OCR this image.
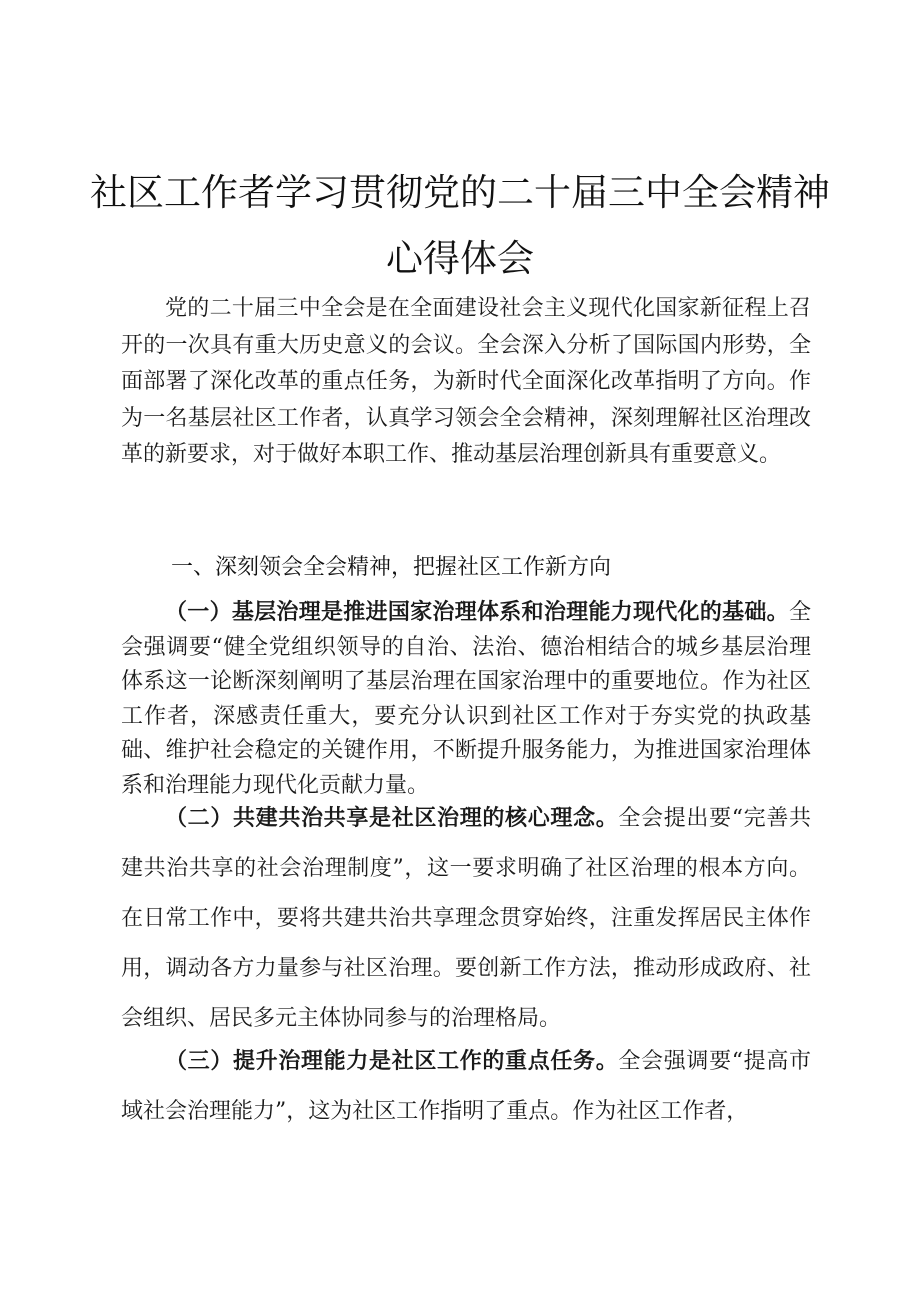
社区工作者学习贯彻党的二十届三中全会精神
心得体会

党的二十届三中全会是在全面建设社会主义现代化国家新征程上召开的一次具有重大历史意义的会议。全会深入分析了国际国内形势，全面部署了深化改革的重点任务，为新时代全面深化改革指明了方向。作为一名基层社区工作者，认真学习领会全会精神，深刻理解社区治理改革的新要求，对于做好本职工作、推动基层治理创新具有重要意义。

一、深刻领会全会精神，把握社区工作新方向

（一）基层治理是推进国家治理体系和治理能力现代化的基础。全会强调要“健全党组织领导的自治、法治、德治相结合的城乡基层治理体系这一论断深刻阐明了基层治理在国家治理中的重要地位。作为社区工作者，深感责任重大，要充分认识到社区工作对于夯实党的执政基础、维护社会稳定的关键作用，不断提升服务能力，为推进国家治理体系和治理能力现代化贡献力量。

（二）共建共治共享是社区治理的核心理念。全会提出要“完善共建共治共享的社会治理制度”，这一要求明确了社区治理的根本方向。在日常工作中，要将共建共治共享理念贯穿始终，注重发挥居民主体作用，调动各方力量参与社区治理。要创新工作方法，推动形成政府、社会组织、居民多元主体协同参与的治理格局。

（三）提升治理能力是社区工作的重点任务。全会强调要“提高市域社会治理能力”，这为社区工作指明了重点。作为社区工作者，
